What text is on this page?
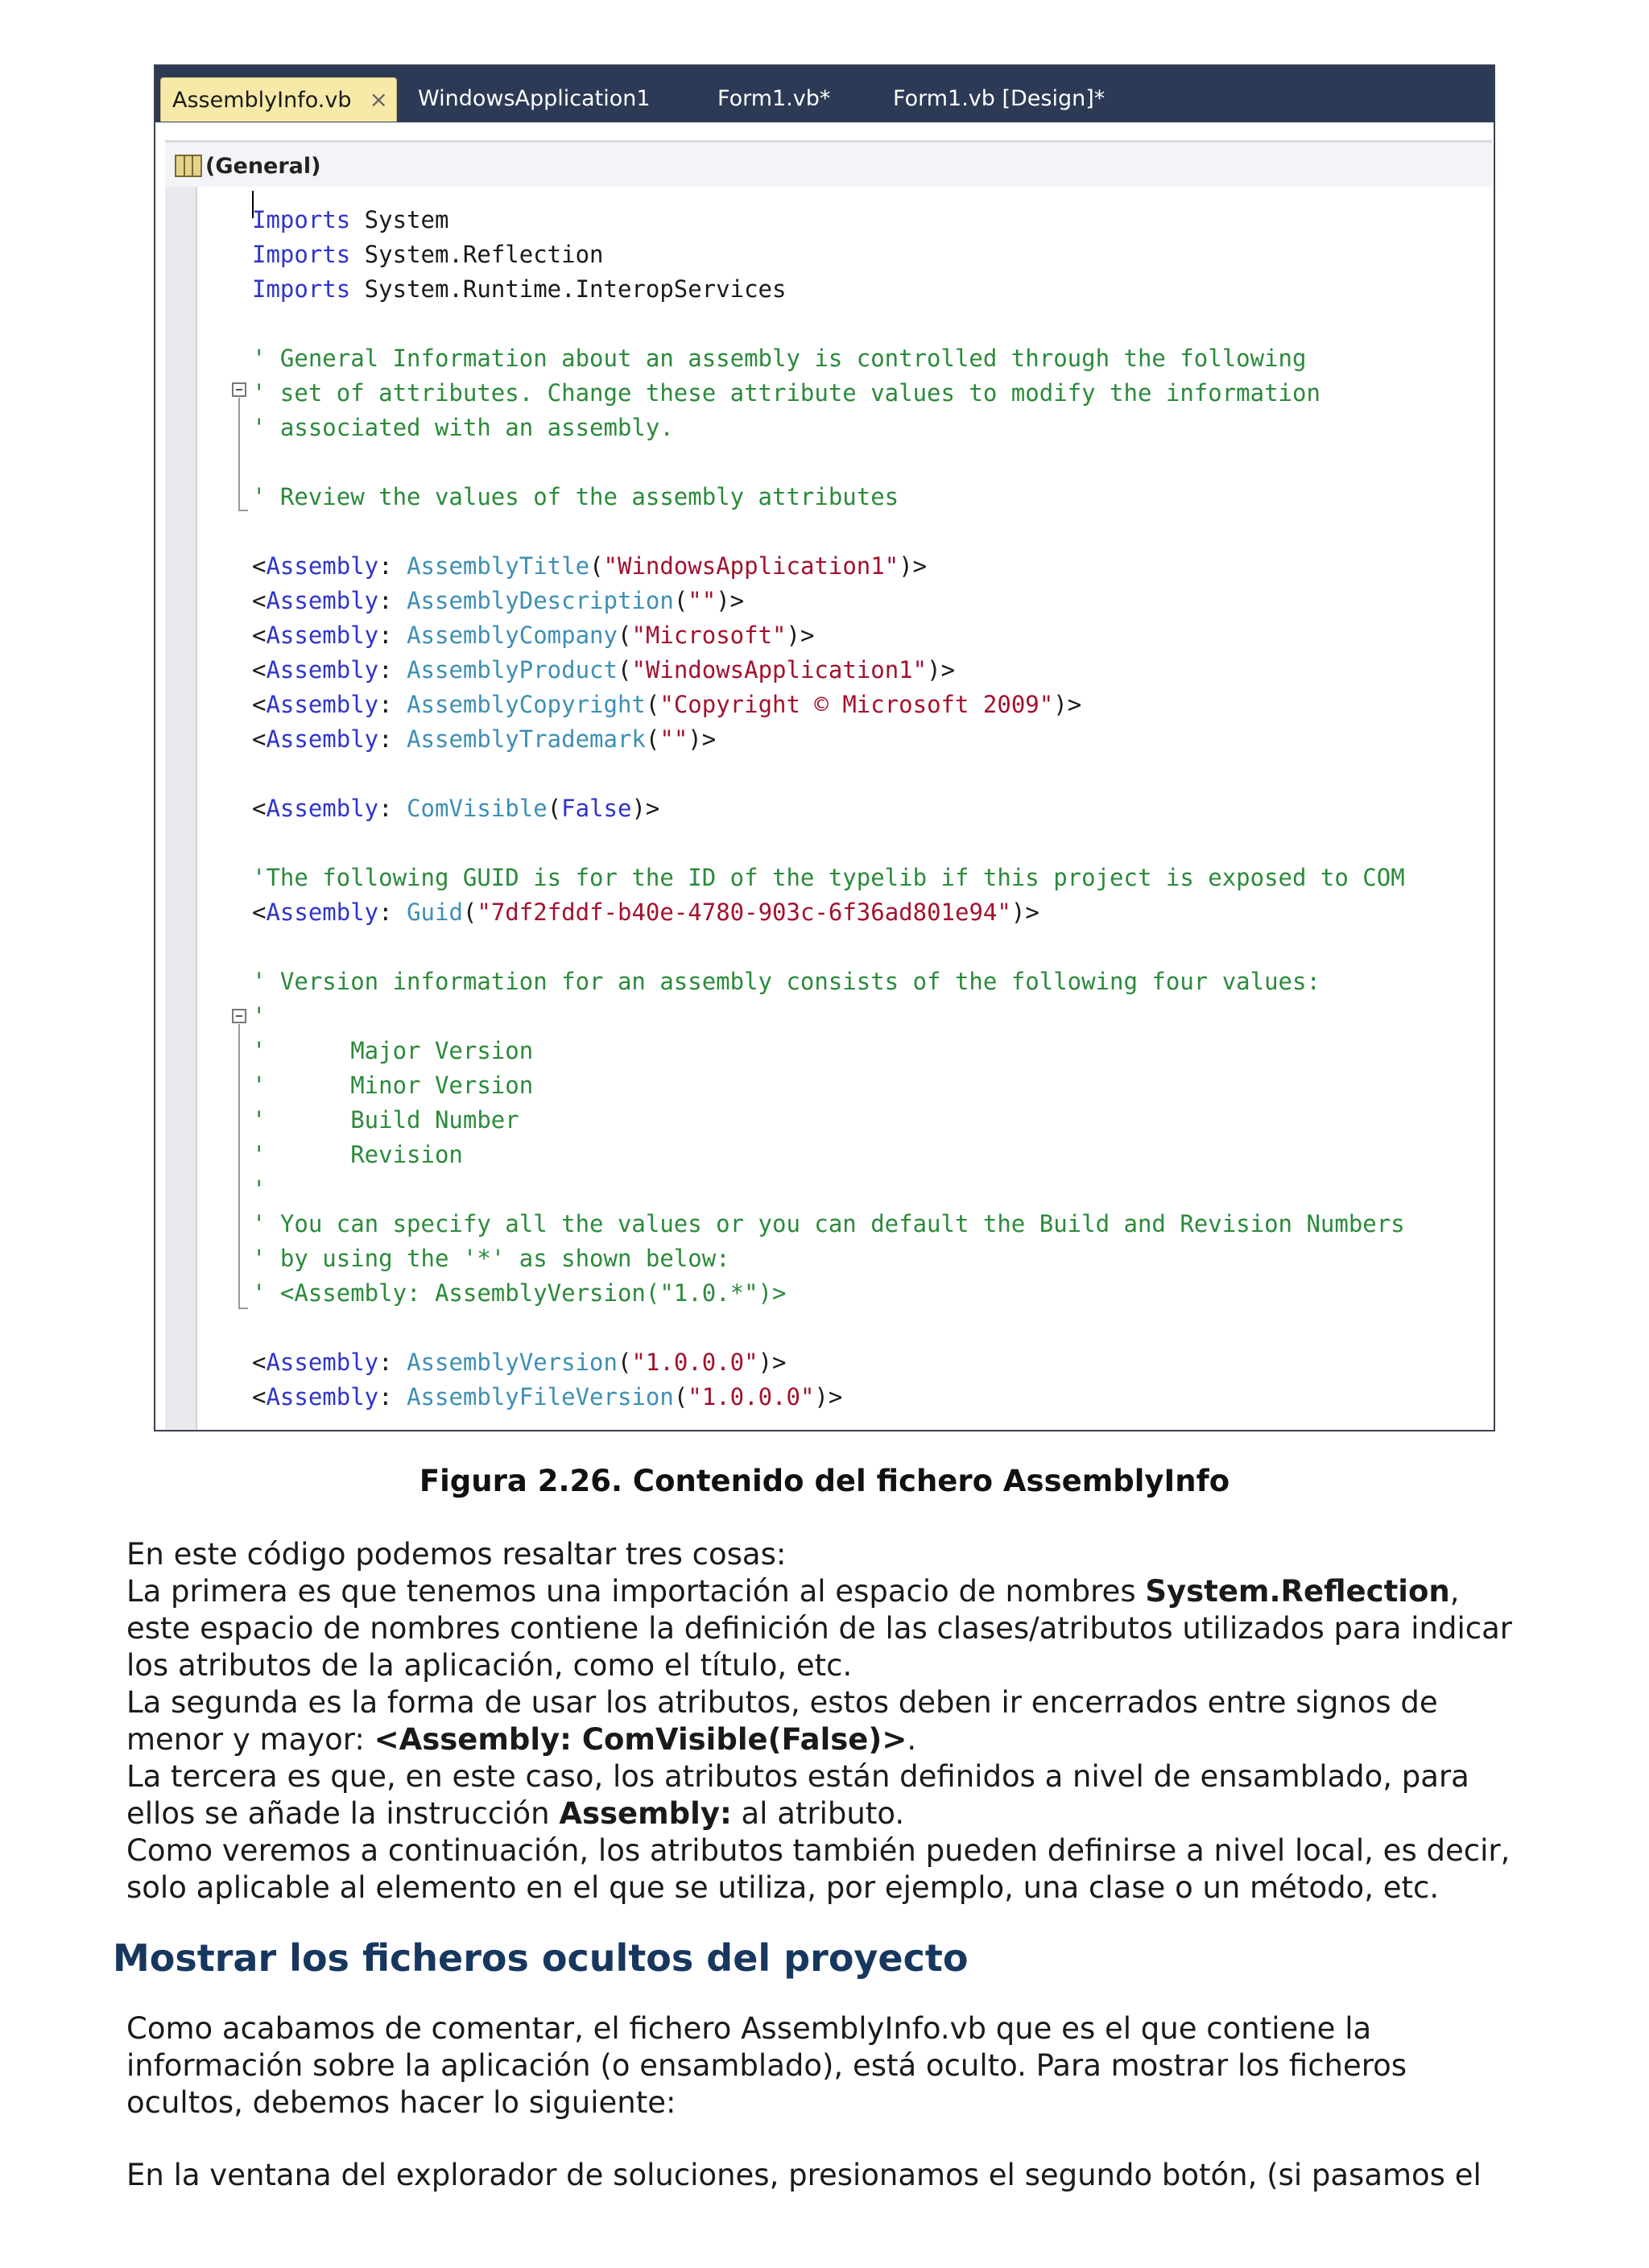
AssemblyInfo.vb ×	WindowsApplication1	Form1.vb*	Form1.vb [Design]*
(General)
Imports System
Imports System.Reflection
Imports System.Runtime.InteropServices
' General Information about an assembly is controlled through the following
' set of attributes. Change these attribute values to modify the information
' associated with an assembly.
' Review the values of the assembly attributes
<Assembly: AssemblyTitle("WindowsApplication1")>
<Assembly: AssemblyDescription("")>
<Assembly: AssemblyCompany("Microsoft")>
<Assembly: AssemblyProduct("WindowsApplication1")>
<Assembly: AssemblyCopyright("Copyright © Microsoft 2009")>
<Assembly: AssemblyTrademark("")>
<Assembly: ComVisible(False)>
'The following GUID is for the ID of the typelib if this project is exposed to COM
<Assembly: Guid("7df2fddf-b40e-4780-903c-6f36ad801e94")>
' Version information for an assembly consists of the following four values:
'
'      Major Version
'      Minor Version
'      Build Number
'      Revision
'
' You can specify all the values or you can default the Build and Revision Numbers
' by using the '*' as shown below:
' <Assembly: AssemblyVersion("1.0.*")>
<Assembly: AssemblyVersion("1.0.0.0")>
<Assembly: AssemblyFileVersion("1.0.0.0")>
Figura 2.26. Contenido del fichero AssemblyInfo
En este código podemos resaltar tres cosas:
La primera es que tenemos una importación al espacio de nombres System.Reflection,
este espacio de nombres contiene la definición de las clases/atributos utilizados para indicar
los atributos de la aplicación, como el título, etc.
La segunda es la forma de usar los atributos, estos deben ir encerrados entre signos de
menor y mayor: <Assembly: ComVisible(False)>.
La tercera es que, en este caso, los atributos están definidos a nivel de ensamblado, para
ellos se añade la instrucción Assembly: al atributo.
Como veremos a continuación, los atributos también pueden definirse a nivel local, es decir,
solo aplicable al elemento en el que se utiliza, por ejemplo, una clase o un método, etc.
Mostrar los ficheros ocultos del proyecto
Como acabamos de comentar, el fichero AssemblyInfo.vb que es el que contiene la
información sobre la aplicación (o ensamblado), está oculto. Para mostrar los ficheros
ocultos, debemos hacer lo siguiente:
En la ventana del explorador de soluciones, presionamos el segundo botón, (si pasamos el
